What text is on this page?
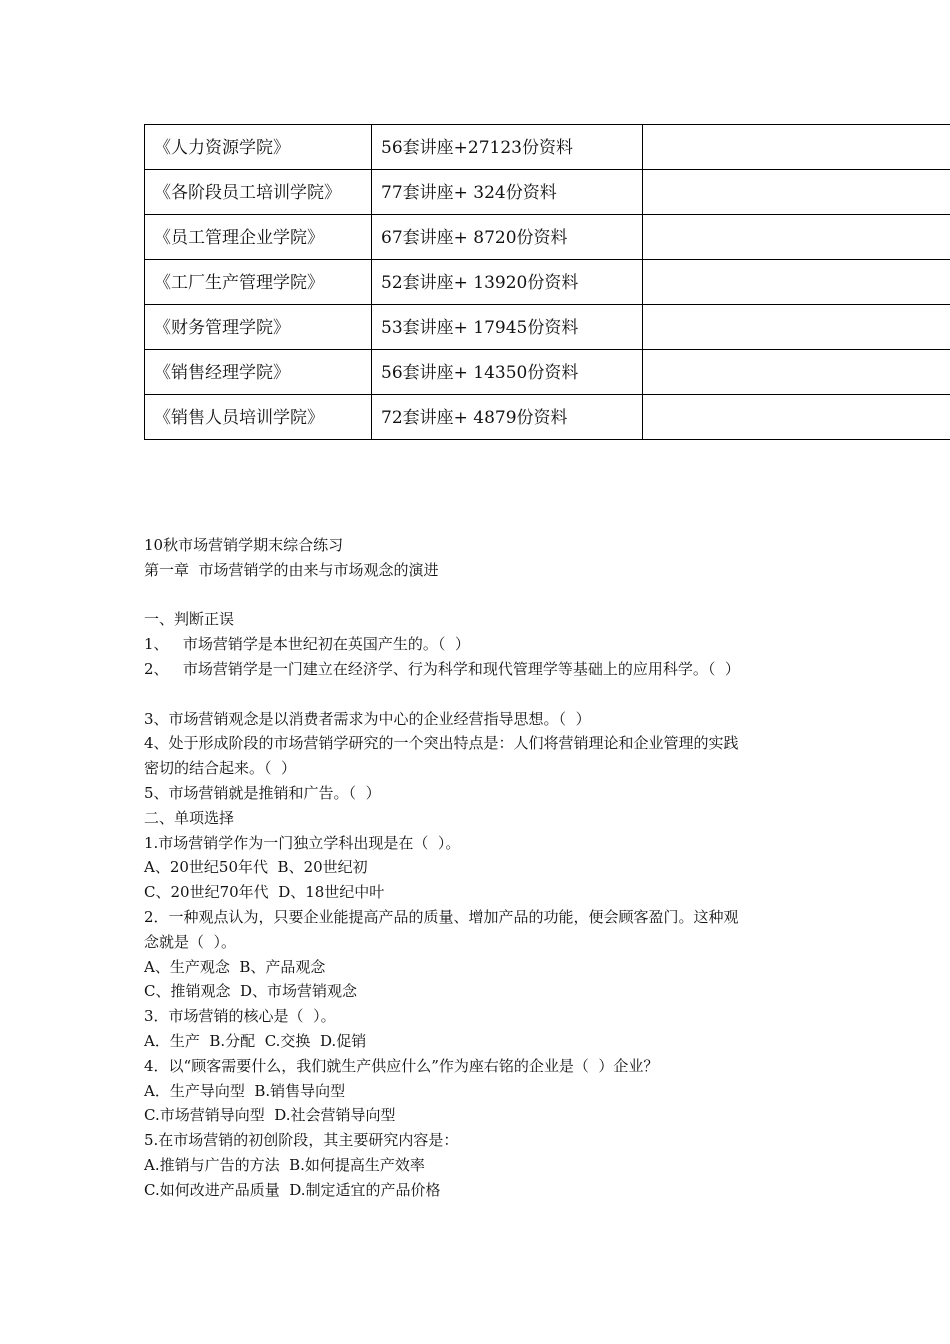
《人力资源学院》	56套讲座+27123份资料	
《各阶段员工培训学院》	77套讲座+ 324份资料	
《员工管理企业学院》	67套讲座+ 8720份资料	
《工厂生产管理学院》	52套讲座+ 13920份资料	
《财务管理学院》	53套讲座+ 17945份资料	
《销售经理学院》	56套讲座+ 14350份资料	
《销售人员培训学院》	72套讲座+ 4879份资料	
10秋市场营销学期末综合练习
第一章  市场营销学的由来与市场观念的演进
一、判断正误
1、   市场营销学是本世纪初在英国产生的。（  ）
2、   市场营销学是一门建立在经济学、行为科学和现代管理学等基础上的应用科学。（  ）
3、市场营销观念是以消费者需求为中心的企业经营指导思想。（  ）
4、处于形成阶段的市场营销学研究的一个突出特点是：人们将营销理论和企业管理的实践
密切的结合起来。（  ）
5、市场营销就是推销和广告。（  ）
二、单项选择
1.市场营销学作为一门独立学科出现是在（  ）。
A、20世纪50年代  B、20世纪初
C、20世纪70年代  D、18世纪中叶
2．一种观点认为，只要企业能提高产品的质量、增加产品的功能，便会顾客盈门。这种观
念就是（  ）。
A、生产观念  B、产品观念
C、推销观念  D、市场营销观念
3．市场营销的核心是（  ）。
A．生产  B.分配  C.交换  D.促销
4．以“顾客需要什么，我们就生产供应什么”作为座右铭的企业是（  ）企业？
A．生产导向型  B.销售导向型
C.市场营销导向型  D.社会营销导向型
5.在市场营销的初创阶段，其主要研究内容是：
A.推销与广告的方法  B.如何提高生产效率
C.如何改进产品质量  D.制定适宜的产品价格
